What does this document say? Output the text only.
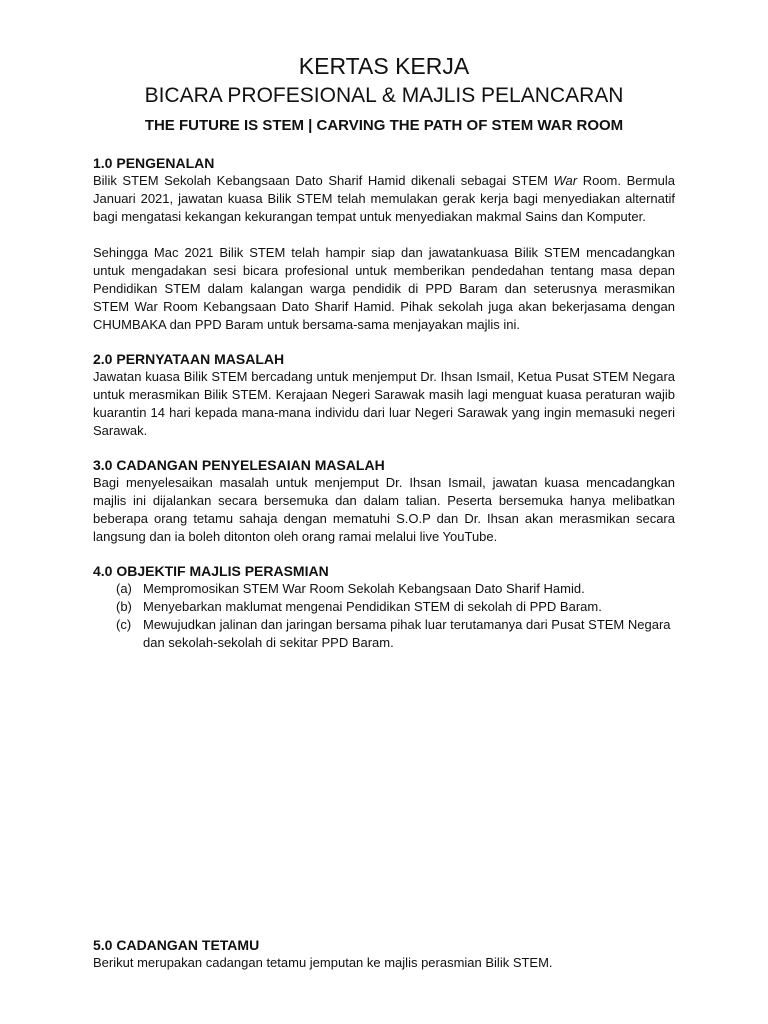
KERTAS KERJA
BICARA PROFESIONAL & MAJLIS PELANCARAN
THE FUTURE IS STEM | CARVING THE PATH OF STEM WAR ROOM
1.0 PENGENALAN

Bilik STEM Sekolah Kebangsaan Dato Sharif Hamid dikenali sebagai STEM War Room. Bermula Januari 2021, jawatan kuasa Bilik STEM telah memulakan gerak kerja bagi menyediakan alternatif bagi mengatasi kekangan kekurangan tempat untuk menyediakan makmal Sains dan Komputer.

Sehingga Mac 2021 Bilik STEM telah hampir siap dan jawatankuasa Bilik STEM mencadangkan untuk mengadakan sesi bicara profesional untuk memberikan pendedahan tentang masa depan Pendidikan STEM dalam kalangan warga pendidik di PPD Baram dan seterusnya merasmikan STEM War Room Kebangsaan Dato Sharif Hamid. Pihak sekolah juga akan bekerjasama dengan CHUMBAKA dan PPD Baram untuk bersama-sama menjayakan majlis ini.

2.0 PERNYATAAN MASALAH

Jawatan kuasa Bilik STEM bercadang untuk menjemput Dr. Ihsan Ismail, Ketua Pusat STEM Negara untuk merasmikan Bilik STEM. Kerajaan Negeri Sarawak masih lagi menguat kuasa peraturan wajib kuarantin 14 hari kepada mana-mana individu dari luar Negeri Sarawak yang ingin memasuki negeri Sarawak.

3.0 CADANGAN PENYELESAIAN MASALAH

Bagi menyelesaikan masalah untuk menjemput Dr. Ihsan Ismail, jawatan kuasa mencadangkan majlis ini dijalankan secara bersemuka dan dalam talian. Peserta bersemuka hanya melibatkan beberapa orang tetamu sahaja dengan mematuhi S.O.P dan Dr. Ihsan akan merasmikan secara langsung dan ia boleh ditonton oleh orang ramai melalui live YouTube.

4.0 OBJEKTIF MAJLIS PERASMIAN
(a) Mempromosikan STEM War Room Sekolah Kebangsaan Dato Sharif Hamid.
(b) Menyebarkan maklumat mengenai Pendidikan STEM di sekolah di PPD Baram.
(c) Mewujudkan jalinan dan jaringan bersama pihak luar terutamanya dari Pusat STEM Negara dan sekolah-sekolah di sekitar PPD Baram.
5.0 CADANGAN TETAMU

Berikut merupakan cadangan tetamu jemputan ke majlis perasmian Bilik STEM.
